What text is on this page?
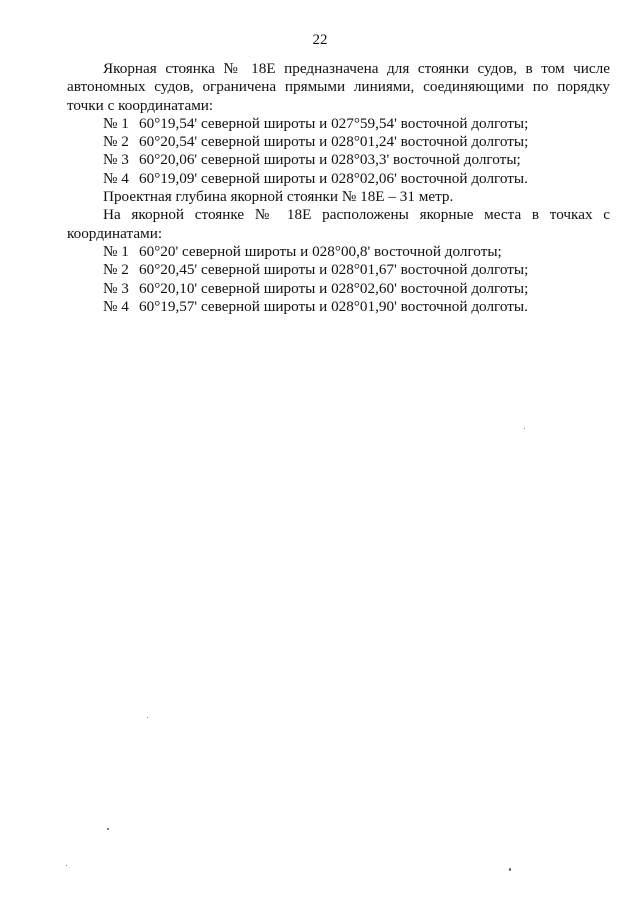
22

Якорная стоянка № 18E предназначена для стоянки судов, в том числе автономных судов, ограничена прямыми линиями, соединяющими по порядку точки с координатами:

№ 1 60°19,54' северной широты и 027°59,54' восточной долготы;

№ 2 60°20,54' северной широты и 028°01,24' восточной долготы;

№ 3 60°20,06' северной широты и 028°03,3' восточной долготы;

№ 4 60°19,09' северной широты и 028°02,06' восточной долготы.

Проектная глубина якорной стоянки № 18E – 31 метр.

На якорной стоянке № 18E расположены якорные места в точках с координатами:

№ 1 60°20' северной широты и 028°00,8' восточной долготы;

№ 2 60°20,45' северной широты и 028°01,67' восточной долготы;

№ 3 60°20,10' северной широты и 028°02,60' восточной долготы;

№ 4 60°19,57' северной широты и 028°01,90' восточной долготы.
